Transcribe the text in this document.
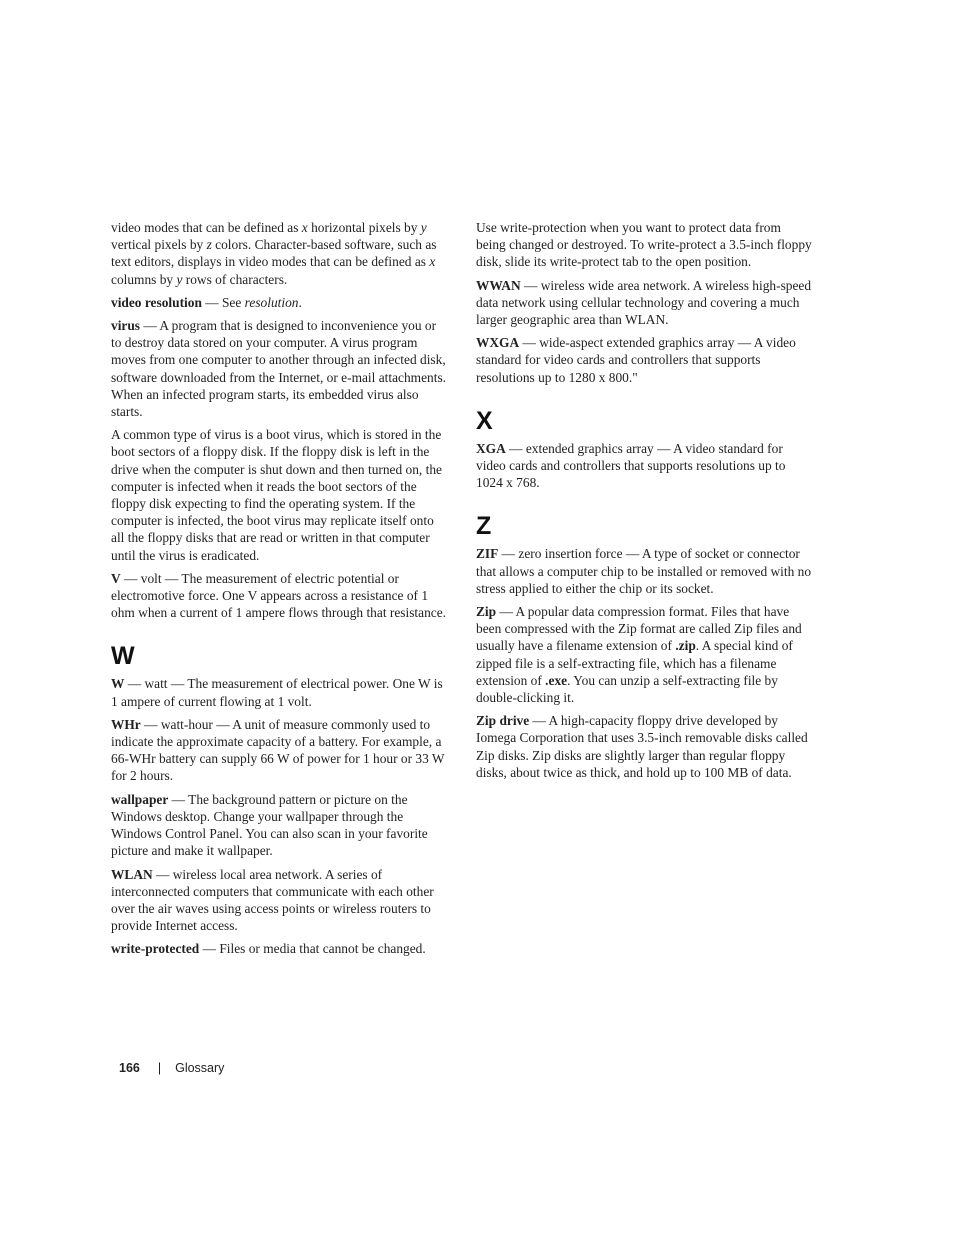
video modes that can be defined as x horizontal pixels by y vertical pixels by z colors. Character-based software, such as text editors, displays in video modes that can be defined as x columns by y rows of characters.

video resolution — See resolution.

virus — A program that is designed to inconvenience you or to destroy data stored on your computer. A virus program moves from one computer to another through an infected disk, software downloaded from the Internet, or e-mail attachments. When an infected program starts, its embedded virus also starts.

A common type of virus is a boot virus, which is stored in the boot sectors of a floppy disk. If the floppy disk is left in the drive when the computer is shut down and then turned on, the computer is infected when it reads the boot sectors of the floppy disk expecting to find the operating system. If the computer is infected, the boot virus may replicate itself onto all the floppy disks that are read or written in that computer until the virus is eradicated.

V — volt — The measurement of electric potential or electromotive force. One V appears across a resistance of 1 ohm when a current of 1 ampere flows through that resistance.

W

W — watt — The measurement of electrical power. One W is 1 ampere of current flowing at 1 volt.

WHr — watt-hour — A unit of measure commonly used to indicate the approximate capacity of a battery. For example, a 66-WHr battery can supply 66 W of power for 1 hour or 33 W for 2 hours.

wallpaper — The background pattern or picture on the Windows desktop. Change your wallpaper through the Windows Control Panel. You can also scan in your favorite picture and make it wallpaper.

WLAN — wireless local area network. A series of interconnected computers that communicate with each other over the air waves using access points or wireless routers to provide Internet access.

write-protected — Files or media that cannot be changed.

Use write-protection when you want to protect data from being changed or destroyed. To write-protect a 3.5-inch floppy disk, slide its write-protect tab to the open position.

WWAN — wireless wide area network. A wireless high-speed data network using cellular technology and covering a much larger geographic area than WLAN.

WXGA — wide-aspect extended graphics array — A video standard for video cards and controllers that supports resolutions up to 1280 x 800."

X

XGA — extended graphics array — A video standard for video cards and controllers that supports resolutions up to 1024 x 768.

Z

ZIF — zero insertion force — A type of socket or connector that allows a computer chip to be installed or removed with no stress applied to either the chip or its socket.

Zip — A popular data compression format. Files that have been compressed with the Zip format are called Zip files and usually have a filename extension of .zip. A special kind of zipped file is a self-extracting file, which has a filename extension of .exe. You can unzip a self-extracting file by double-clicking it.

Zip drive — A high-capacity floppy drive developed by Iomega Corporation that uses 3.5-inch removable disks called Zip disks. Zip disks are slightly larger than regular floppy disks, about twice as thick, and hold up to 100 MB of data.

166 | Glossary
